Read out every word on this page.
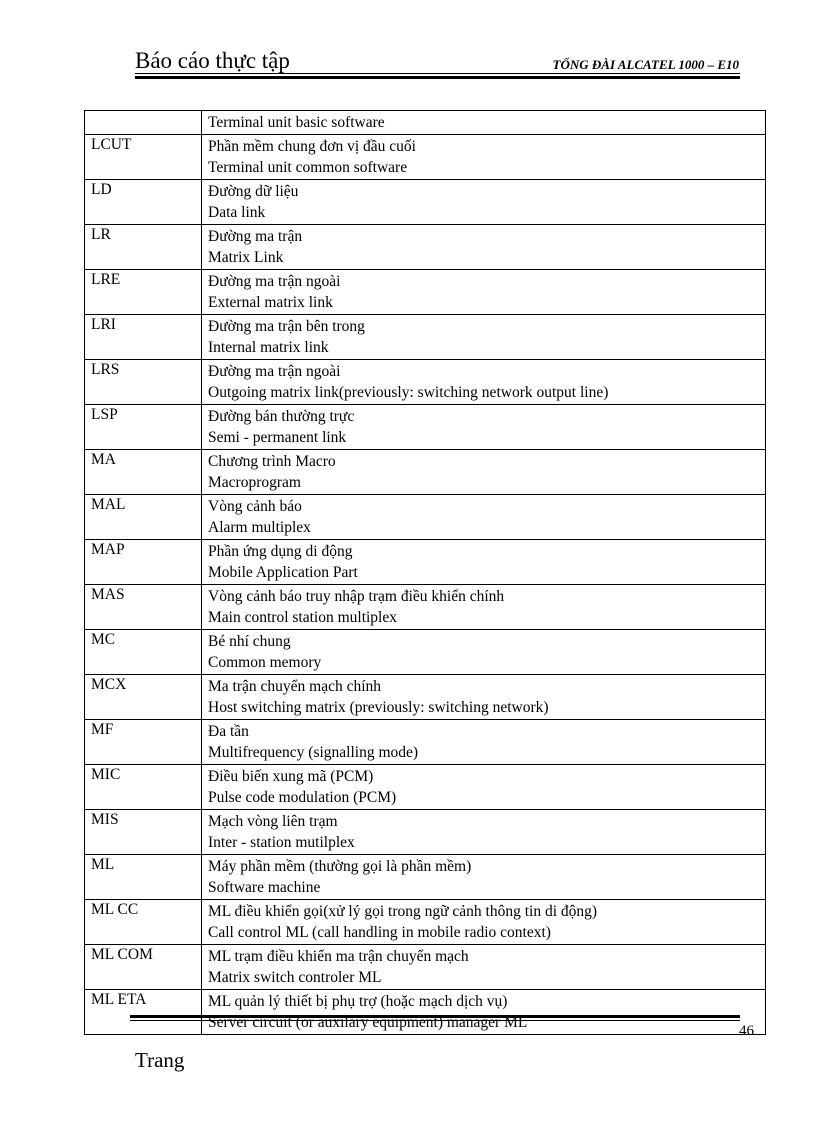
Báo cáo thực tập	TỔNG ĐÀI ALCATEL 1000 – E10

	Terminal unit basic software

LCUT	Phần mềm chung đơn vị đầu cuối
Terminal unit common software

LD	Đường dữ liệu
Data link

LR	Đường ma trận
Matrix Link

LRE	Đường ma trận ngoài
External matrix link

LRI	Đường ma trận bên trong
Internal matrix link

LRS	Đường ma trận ngoài
Outgoing matrix link(previously: switching network output line)

LSP	Đường bán thường trực
Semi - permanent link

MA	Chương trình Macro
Macroprogram

MAL	Vòng cảnh báo
Alarm multiplex

MAP	Phần ứng dụng di động
Mobile Application Part

MAS	Vòng cảnh báo truy nhập trạm điều khiển chính
Main control station multiplex

MC	Bé nhí chung
Common memory

MCX	Ma trận chuyển mạch chính
Host switching matrix (previously: switching network)

MF	Đa tần
Multifrequency (signalling mode)

MIC	Điều biến xung mã (PCM)
Pulse code modulation (PCM)

MIS	Mạch vòng liên trạm
Inter - station mutilplex

ML	Máy phần mềm (thường gọi là phần mềm)
Software machine

ML CC	ML điều khiển gọi(xử lý gọi trong ngữ cảnh thông tin di động)
Call control ML (call handling in mobile radio context)

ML COM	ML trạm điều khiển ma trận chuyển mạch
Matrix switch controler ML

ML ETA	ML quản lý thiết bị phụ trợ (hoặc mạch dịch vụ)
Server circuit (or auxilary equipment) manager ML	46
Trang
